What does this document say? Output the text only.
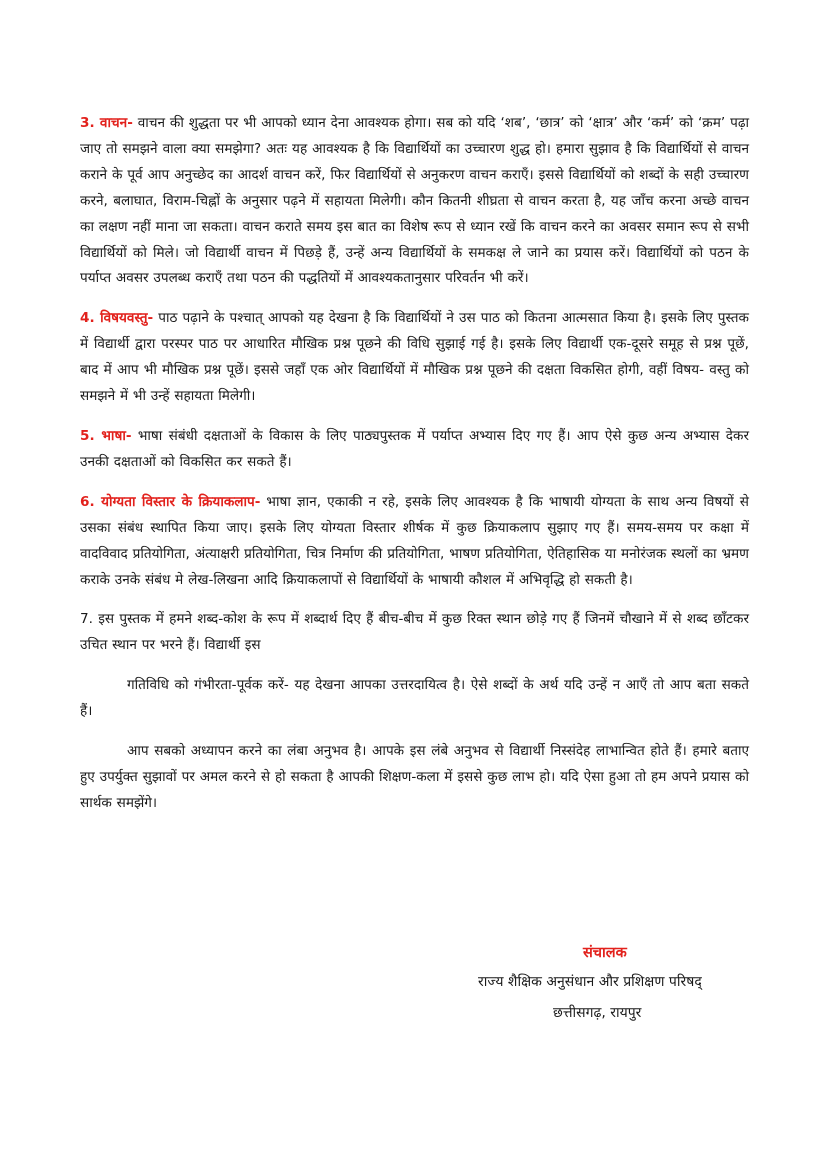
3. वाचन- वाचन की शुद्धता पर भी आपको ध्यान देना आवश्यक होगा। सब को यदि ‘शब’, ‘छात्र’ को ‘क्षात्र’ और ‘कर्म’ को ‘क्रम’ पढ़ा जाए तो समझने वाला क्या समझेगा? अतः यह आवश्यक है कि विद्यार्थियों का उच्चारण शुद्ध हो। हमारा सुझाव है कि विद्यार्थियों से वाचन कराने के पूर्व आप अनुच्छेद का आदर्श वाचन करें, फिर विद्यार्थियों से अनुकरण वाचन कराएँ। इससे विद्यार्थियों को शब्दों के सही उच्चारण करने, बलाघात, विराम-चिह्नों के अनुसार पढ़ने में सहायता मिलेगी। कौन कितनी शीघ्रता से वाचन करता है, यह जाँच करना अच्छे वाचन का लक्षण नहीं माना जा सकता। वाचन कराते समय इस बात का विशेष रूप से ध्यान रखें कि वाचन करने का अवसर समान रूप से सभी विद्यार्थियों को मिले। जो विद्यार्थी वाचन में पिछड़े हैं, उन्हें अन्य विद्यार्थियों के समकक्ष ले जाने का प्रयास करें। विद्यार्थियों को पठन के पर्याप्त अवसर उपलब्ध कराएँ तथा पठन की पद्धतियों में आवश्यकतानुसार परिवर्तन भी करें।

4. विषयवस्तु- पाठ पढ़ाने के पश्चात् आपको यह देखना है कि विद्यार्थियों ने उस पाठ को कितना आत्मसात किया है। इसके लिए पुस्तक में विद्यार्थी द्वारा परस्पर पाठ पर आधारित मौखिक प्रश्न पूछने की विधि सुझाई गई है। इसके लिए विद्यार्थी एक-दूसरे समूह से प्रश्न पूछें, बाद में आप भी मौखिक प्रश्न पूछें। इससे जहाँ एक ओर विद्यार्थियों में मौखिक प्रश्न पूछने की दक्षता विकसित होगी, वहीं विषय- वस्तु को समझने में भी उन्हें सहायता मिलेगी।

5. भाषा- भाषा संबंधी दक्षताओं के विकास के लिए पाठ्यपुस्तक में पर्याप्त अभ्यास दिए गए हैं। आप ऐसे कुछ अन्य अभ्यास देकर उनकी दक्षताओं को विकसित कर सकते हैं।

6. योग्यता विस्तार के क्रियाकलाप- भाषा ज्ञान, एकाकी न रहे, इसके लिए आवश्यक है कि भाषायी योग्यता के साथ अन्य विषयों से उसका संबंध स्थापित किया जाए। इसके लिए योग्यता विस्तार शीर्षक में कुछ क्रियाकलाप सुझाए गए हैं। समय-समय पर कक्षा में वादविवाद प्रतियोगिता, अंत्याक्षरी प्रतियोगिता, चित्र निर्माण की प्रतियोगिता, भाषण प्रतियोगिता, ऐतिहासिक या मनोरंजक स्थलों का भ्रमण कराके उनके संबंध मे लेख-लिखना आदि क्रियाकलापों से विद्यार्थियों के भाषायी कौशल में अभिवृद्धि हो सकती है।

7. इस पुस्तक में हमने शब्द-कोश के रूप में शब्दार्थ दिए हैं बीच-बीच में कुछ रिक्त स्थान छोड़े गए हैं जिनमें चौखाने में से शब्द छाँटकर उचित स्थान पर भरने हैं। विद्यार्थी इस

गतिविधि को गंभीरता-पूर्वक करें- यह देखना आपका उत्तरदायित्व है। ऐसे शब्दों के अर्थ यदि उन्हें न आएँ तो आप बता सकते हैं।

आप सबको अध्यापन करने का लंबा अनुभव है। आपके इस लंबे अनुभव से विद्यार्थी निस्संदेह लाभान्वित होते हैं। हमारे बताए हुए उपर्युक्त सुझावों पर अमल करने से हो सकता है आपकी शिक्षण-कला में इससे कुछ लाभ हो। यदि ऐसा हुआ तो हम अपने प्रयास को सार्थक समझेंगे।

संचालक
राज्य शैक्षिक अनुसंधान और प्रशिक्षण परिषद्
छत्तीसगढ़, रायपुर
